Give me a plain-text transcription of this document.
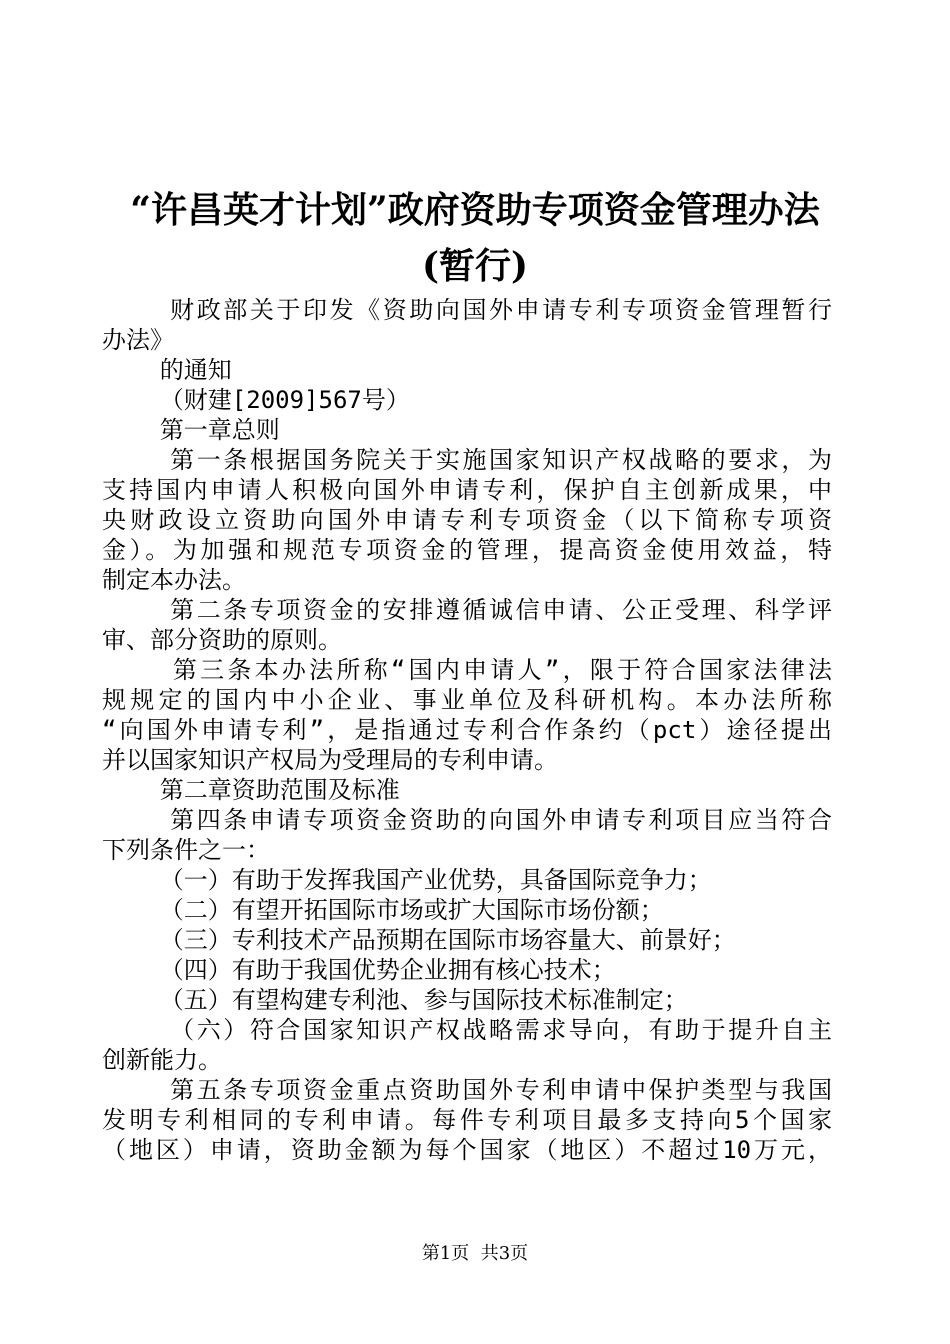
“许昌英才计划”政府资助专项资金管理办法
(暂行)
财政部关于印发《资助向国外申请专利专项资金管理暂行
办法》
的通知
（财建[2009]567号）
第一章总则
第一条根据国务院关于实施国家知识产权战略的要求，为
支持国内申请人积极向国外申请专利，保护自主创新成果，中
央财政设立资助向国外申请专利专项资金（以下简称专项资
金）。为加强和规范专项资金的管理，提高资金使用效益，特
制定本办法。
第二条专项资金的安排遵循诚信申请、公正受理、科学评
审、部分资助的原则。
第三条本办法所称“国内申请人”，限于符合国家法律法
规规定的国内中小企业、事业单位及科研机构。本办法所称
“向国外申请专利”，是指通过专利合作条约（pct）途径提出
并以国家知识产权局为受理局的专利申请。
第二章资助范围及标准
第四条申请专项资金资助的向国外申请专利项目应当符合
下列条件之一：
（一）有助于发挥我国产业优势，具备国际竞争力；
（二）有望开拓国际市场或扩大国际市场份额；
（三）专利技术产品预期在国际市场容量大、前景好；
（四）有助于我国优势企业拥有核心技术；
（五）有望构建专利池、参与国际技术标准制定；
（六）符合国家知识产权战略需求导向，有助于提升自主
创新能力。
第五条专项资金重点资助国外专利申请中保护类型与我国
发明专利相同的专利申请。每件专利项目最多支持向5个国家
（地区）申请，资助金额为每个国家（地区）不超过10万元，
第1页  共3页
